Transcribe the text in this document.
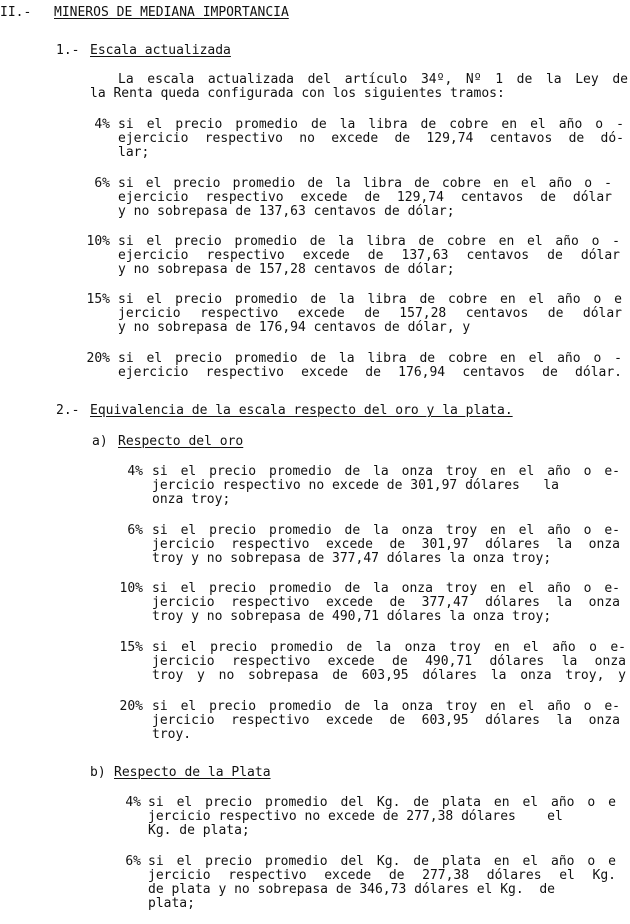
II.- MINEROS DE MEDIANA IMPORTANCIA
1.- Escala actualizada
La escala actualizada del artículo 34º, Nº 1 de la Ley de
la Renta queda configurada con los siguientes tramos:
4% si el precio promedio de la libra de cobre en el año o -
ejercicio respectivo no excede de 129,74 centavos de dó-
lar;
6% si el precio promedio de la libra de cobre en el año o -
ejercicio respectivo excede de 129,74 centavos de dólar
y no sobrepasa de 137,63 centavos de dólar;
10% si el precio promedio de la libra de cobre en el año o -
ejercicio respectivo excede de 137,63 centavos de dólar
y no sobrepasa de 157,28 centavos de dólar;
15% si el precio promedio de la libra de cobre en el año o e
jercicio respectivo excede de 157,28 centavos de dólar
y no sobrepasa de 176,94 centavos de dólar, y
20% si el precio promedio de la libra de cobre en el año o -
ejercicio respectivo excede de 176,94 centavos de dólar.
2.- Equivalencia de la escala respecto del oro y la plata.
a) Respecto del oro
4% si el precio promedio de la onza troy en el año o e-
jercicio respectivo no excede de 301,97 dólares   la
onza troy;
6% si el precio promedio de la onza troy en el año o e-
jercicio respectivo excede de 301,97 dólares la onza
troy y no sobrepasa de 377,47 dólares la onza troy;
10% si el precio promedio de la onza troy en el año o e-
jercicio respectivo excede de 377,47 dólares la onza
troy y no sobrepasa de 490,71 dólares la onza troy;
15% si el precio promedio de la onza troy en el año o e-
jercicio respectivo excede de 490,71 dólares la onza
troy y no sobrepasa de 603,95 dólares la onza troy, y
20% si el precio promedio de la onza troy en el año o e-
jercicio respectivo excede de 603,95 dólares la onza
troy.
b) Respecto de la Plata
4% si el precio promedio del Kg. de plata en el año o e
jercicio respectivo no excede de 277,38 dólares    el
Kg. de plata;
6% si el precio promedio del Kg. de plata en el año o e
jercicio respectivo excede de 277,38 dólares el Kg.
de plata y no sobrepasa de 346,73 dólares el Kg.  de
plata;
